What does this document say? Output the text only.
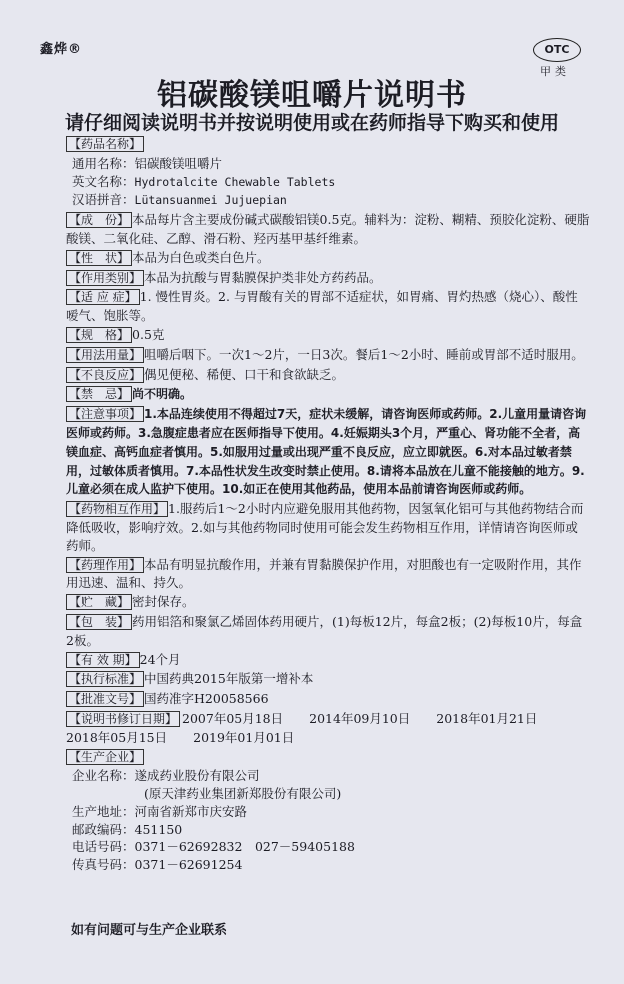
鑫烨®	OTC
甲类
铝碳酸镁咀嚼片说明书
请仔细阅读说明书并按说明使用或在药师指导下购买和使用
【药品名称】
通用名称：铝碳酸镁咀嚼片
英文名称：Hydrotalcite Chewable Tablets
汉语拼音：Lütansuanmei Jujuepian
【成　份】 本品每片含主要成份碱式碳酸铝镁0.5克。辅料为：淀粉、糊精、预胶化淀粉、硬脂酸镁、二氧化硅、乙醇、滑石粉、羟丙基甲基纤维素。
【性　状】 本品为白色或类白色片。
【作用类别】 本品为抗酸与胃黏膜保护类非处方药药品。
【适 应 症】 1. 慢性胃炎。2. 与胃酸有关的胃部不适症状，如胃痛、胃灼热感（烧心）、酸性嗳气、饱胀等。
【规　格】 0.5克
【用法用量】 咀嚼后咽下。一次1～2片，一日3次。餐后1～2小时、睡前或胃部不适时服用。
【不良反应】 偶见便秘、稀便、口干和食欲缺乏。
【禁　忌】 尚不明确。
【注意事项】 1.本品连续使用不得超过7天，症状未缓解，请咨询医师或药师。2.儿童用量请咨询医师或药师。3.急腹症患者应在医师指导下使用。4.妊娠期头3个月，严重心、肾功能不全者，高镁血症、高钙血症者慎用。5.如服用过量或出现严重不良反应，应立即就医。6.对本品过敏者禁用，过敏体质者慎用。7.本品性状发生改变时禁止使用。8.请将本品放在儿童不能接触的地方。9.儿童必须在成人监护下使用。10.如正在使用其他药品，使用本品前请咨询医师或药师。
【药物相互作用】 1.服药后1～2小时内应避免服用其他药物，因氢氧化铝可与其他药物结合而降低吸收，影响疗效。2.如与其他药物同时使用可能会发生药物相互作用，详情请咨询医师或药师。
【药理作用】 本品有明显抗酸作用，并兼有胃黏膜保护作用，对胆酸也有一定吸附作用，其作用迅速、温和、持久。
【贮　藏】 密封保存。
【包　装】 药用铝箔和聚氯乙烯固体药用硬片，(1)每板12片，每盒2板；(2)每板10片，每盒2板。
【有 效 期】 24个月
【执行标准】 中国药典2015年版第一增补本
【批准文号】 国药准字H20058566
【说明书修订日期】 2007年05月18日 2014年09月10日 2018年01月21日2018年05月15日 2019年01月01日
【生产企业】
企业名称：遂成药业股份有限公司
(原天津药业集团新郑股份有限公司)
生产地址：河南省新郑市庆安路
邮政编码：451150
电话号码：0371－62692832　027－59405188
传真号码：0371－62691254
如有问题可与生产企业联系
